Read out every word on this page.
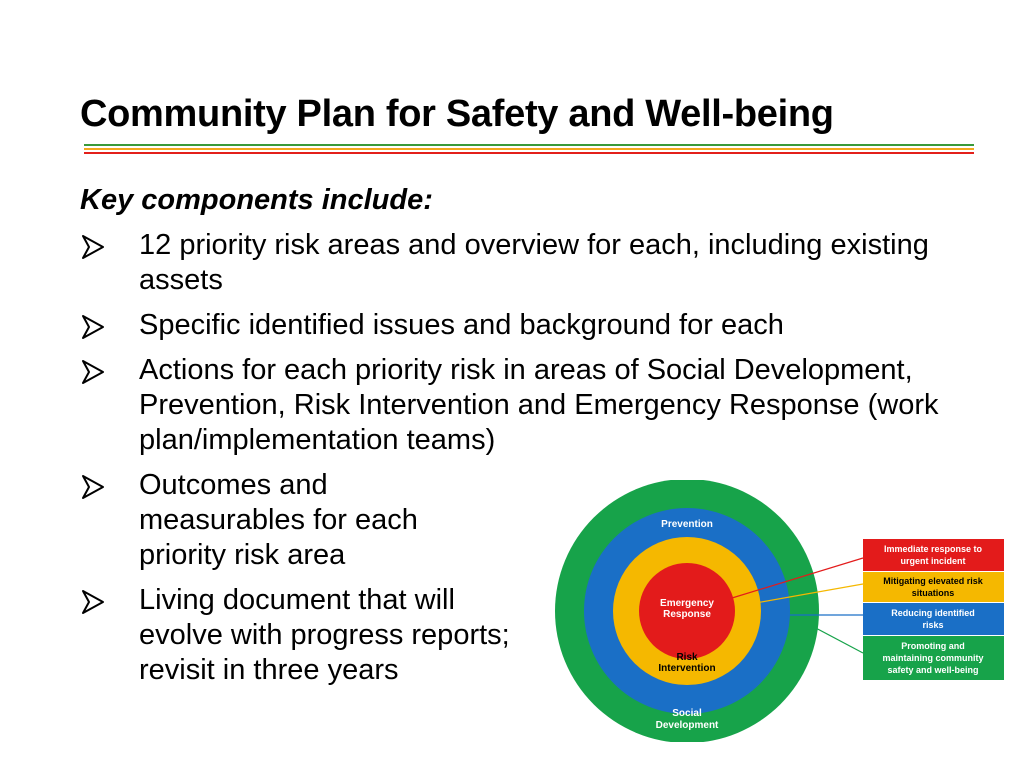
Community Plan for Safety and Well-being
Key components include:
12 priority risk areas and overview for each, including existing assets
Specific identified issues and background for each
Actions for each priority risk in areas of Social Development, Prevention, Risk Intervention and Emergency Response (work plan/implementation teams)
Outcomes and measurables for each priority risk area
Living document that will evolve with progress reports; revisit in three years
Prevention
Emergency
Response
Risk
Intervention
Social
Development
Immediate response to
urgent incident
Mitigating elevated risk
situations
Reducing identified
risks
Promoting and
maintaining community
safety and well-being
